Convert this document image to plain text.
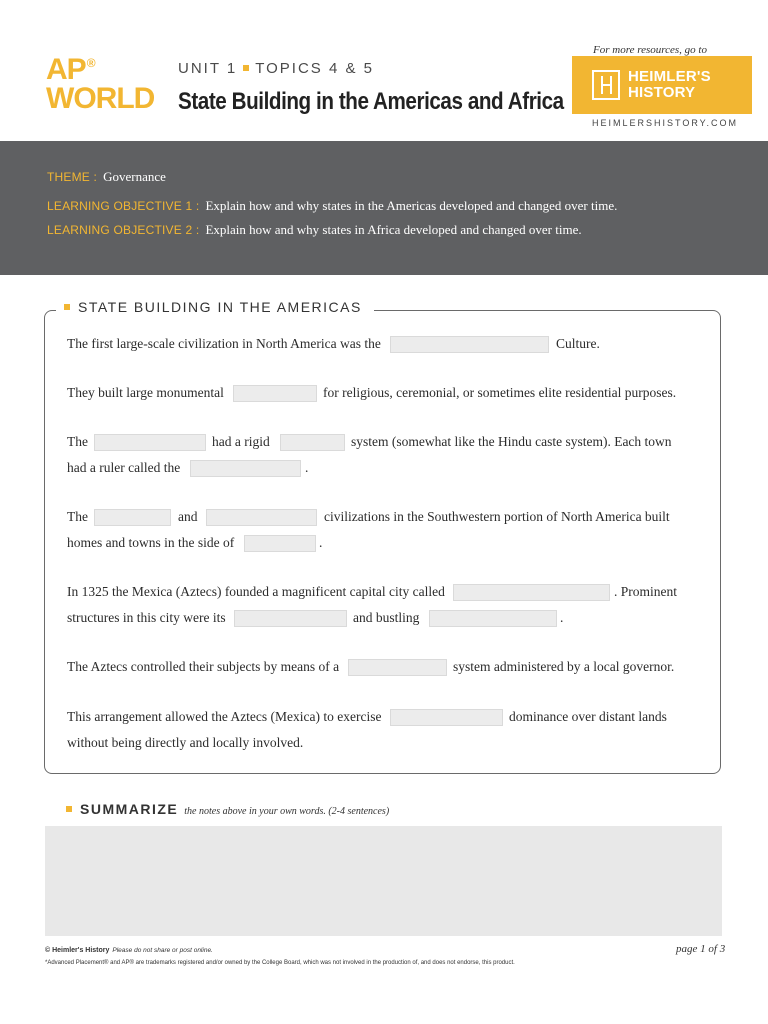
AP®
WORLD
UNIT 1 TOPICS 4 & 5
State Building in the Americas and Africa
For more resources, go to
HEIMLER'S
HISTORY
HEIMLERSHISTORY.COM
THEME : Governance
LEARNING OBJECTIVE 1 : Explain how and why states in the Americas developed and changed over time.
LEARNING OBJECTIVE 2 : Explain how and why states in Africa developed and changed over time.
STATE BUILDING IN THE AMERICAS
The first large-scale civilization in North America was the	Culture.
They built large monumental	for religious, ceremonial, or sometimes elite residential purposes.
The	had a rigid	system (somewhat like the Hindu caste system). Each town
had a ruler called the	.
The	and	civilizations in the Southwestern portion of North America built
homes and towns in the side of	.
In 1325 the Mexica (Aztecs) founded a magnificent capital city called	. Prominent
structures in this city were its	and bustling	.
The Aztecs controlled their subjects by means of a	system administered by a local governor.
This arrangement allowed the Aztecs (Mexica) to exercise	dominance over distant lands
without being directly and locally involved.
SUMMARIZE the notes above in your own words. (2-4 sentences)
© Heimler's History Please do not share or post online.
*Advanced Placement® and AP® are trademarks registered and/or owned by the College Board, which was not involved in the production of, and does not endorse, this product.
page 1 of 3
